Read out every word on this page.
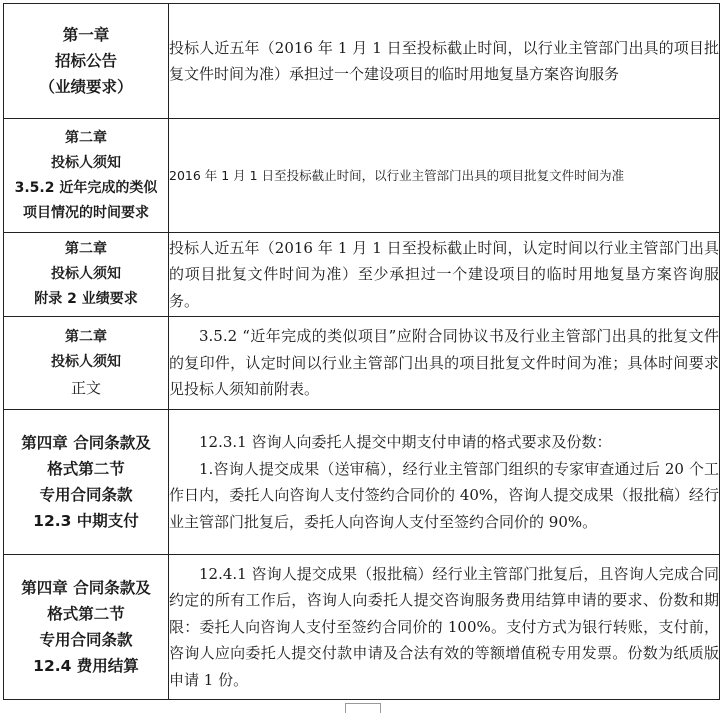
第一章
招标公告
（业绩要求）	投标人近五年（2016 年 1 月 1 日至投标截止时间，以行业主管部门出具的项目批复文件时间为准）承担过一个建设项目的临时用地复垦方案咨询服务

第二章
投标人须知
3.5.2 近年完成的类似
项目情况的时间要求	2016 年 1 月 1 日至投标截止时间，以行业主管部门出具的项目批复文件时间为准

第二章
投标人须知
附录 2 业绩要求	投标人近五年（2016 年 1 月 1 日至投标截止时间，认定时间以行业主管部门出具的项目批复文件时间为准）至少承担过一个建设项目的临时用地复垦方案咨询服务。

第二章
投标人须知
正文	3.5.2 “近年完成的类似项目”应附合同协议书及行业主管部门出具的批复文件的复印件，认定时间以行业主管部门出具的项目批复文件时间为准；具体时间要求见投标人须知前附表。

第四章 合同条款及
格式第二节
专用合同条款
12.3 中期支付	12.3.1 咨询人向委托人提交中期支付申请的格式要求及份数：
1.咨询人提交成果（送审稿），经行业主管部门组织的专家审查通过后 20 个工作日内，委托人向咨询人支付签约合同价的 40%，咨询人提交成果（报批稿）经行业主管部门批复后，委托人向咨询人支付至签约合同价的 90%。

第四章 合同条款及
格式第二节
专用合同条款
12.4 费用结算	12.4.1 咨询人提交成果（报批稿）经行业主管部门批复后，且咨询人完成合同约定的所有工作后，咨询人向委托人提交咨询服务费用结算申请的要求、份数和期限：委托人向咨询人支付至签约合同价的 100%。支付方式为银行转账，支付前，咨询人应向委托人提交付款申请及合法有效的等额增值税专用发票。份数为纸质版申请 1 份。
